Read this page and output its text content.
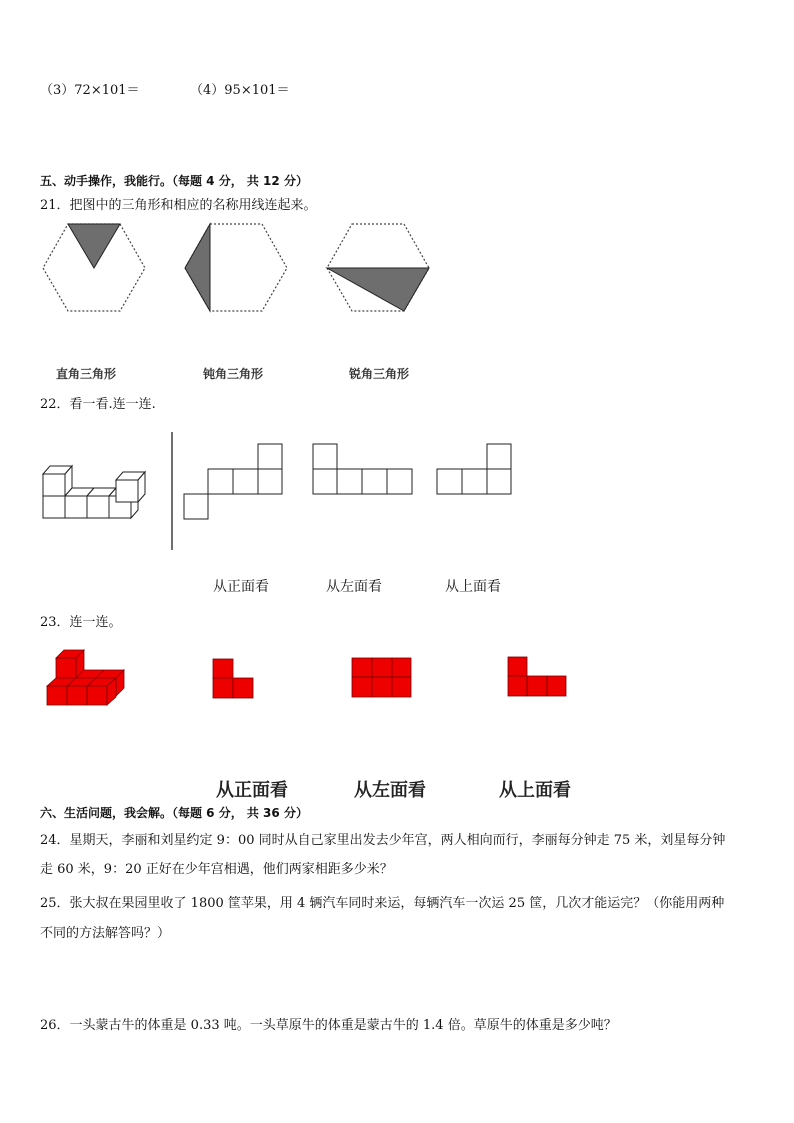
（3）72×101＝	（4）95×101＝
五、动手操作，我能行。（每题 4 分， 共 12 分）
21．把图中的三角形和相应的名称用线连起来。
直角三角形	钝角三角形	锐角三角形
22．看一看.连一连.
从正面看	从左面看	从上面看
23．连一连。
从正面看	从左面看	从上面看
六、生活问题，我会解。（每题 6 分， 共 36 分）
24．星期天，李丽和刘星约定 9：00 同时从自己家里出发去少年宫，两人相向而行，李丽每分钟走 75 米，刘星每分钟
走 60 米，9：20 正好在少年宫相遇，他们两家相距多少米？
25．张大叔在果园里收了 1800 筐苹果，用 4 辆汽车同时来运，每辆汽车一次运 25 筐，几次才能运完？（你能用两种
不同的方法解答吗？）
26．一头蒙古牛的体重是 0.33 吨。一头草原牛的体重是蒙古牛的 1.4 倍。草原牛的体重是多少吨？
